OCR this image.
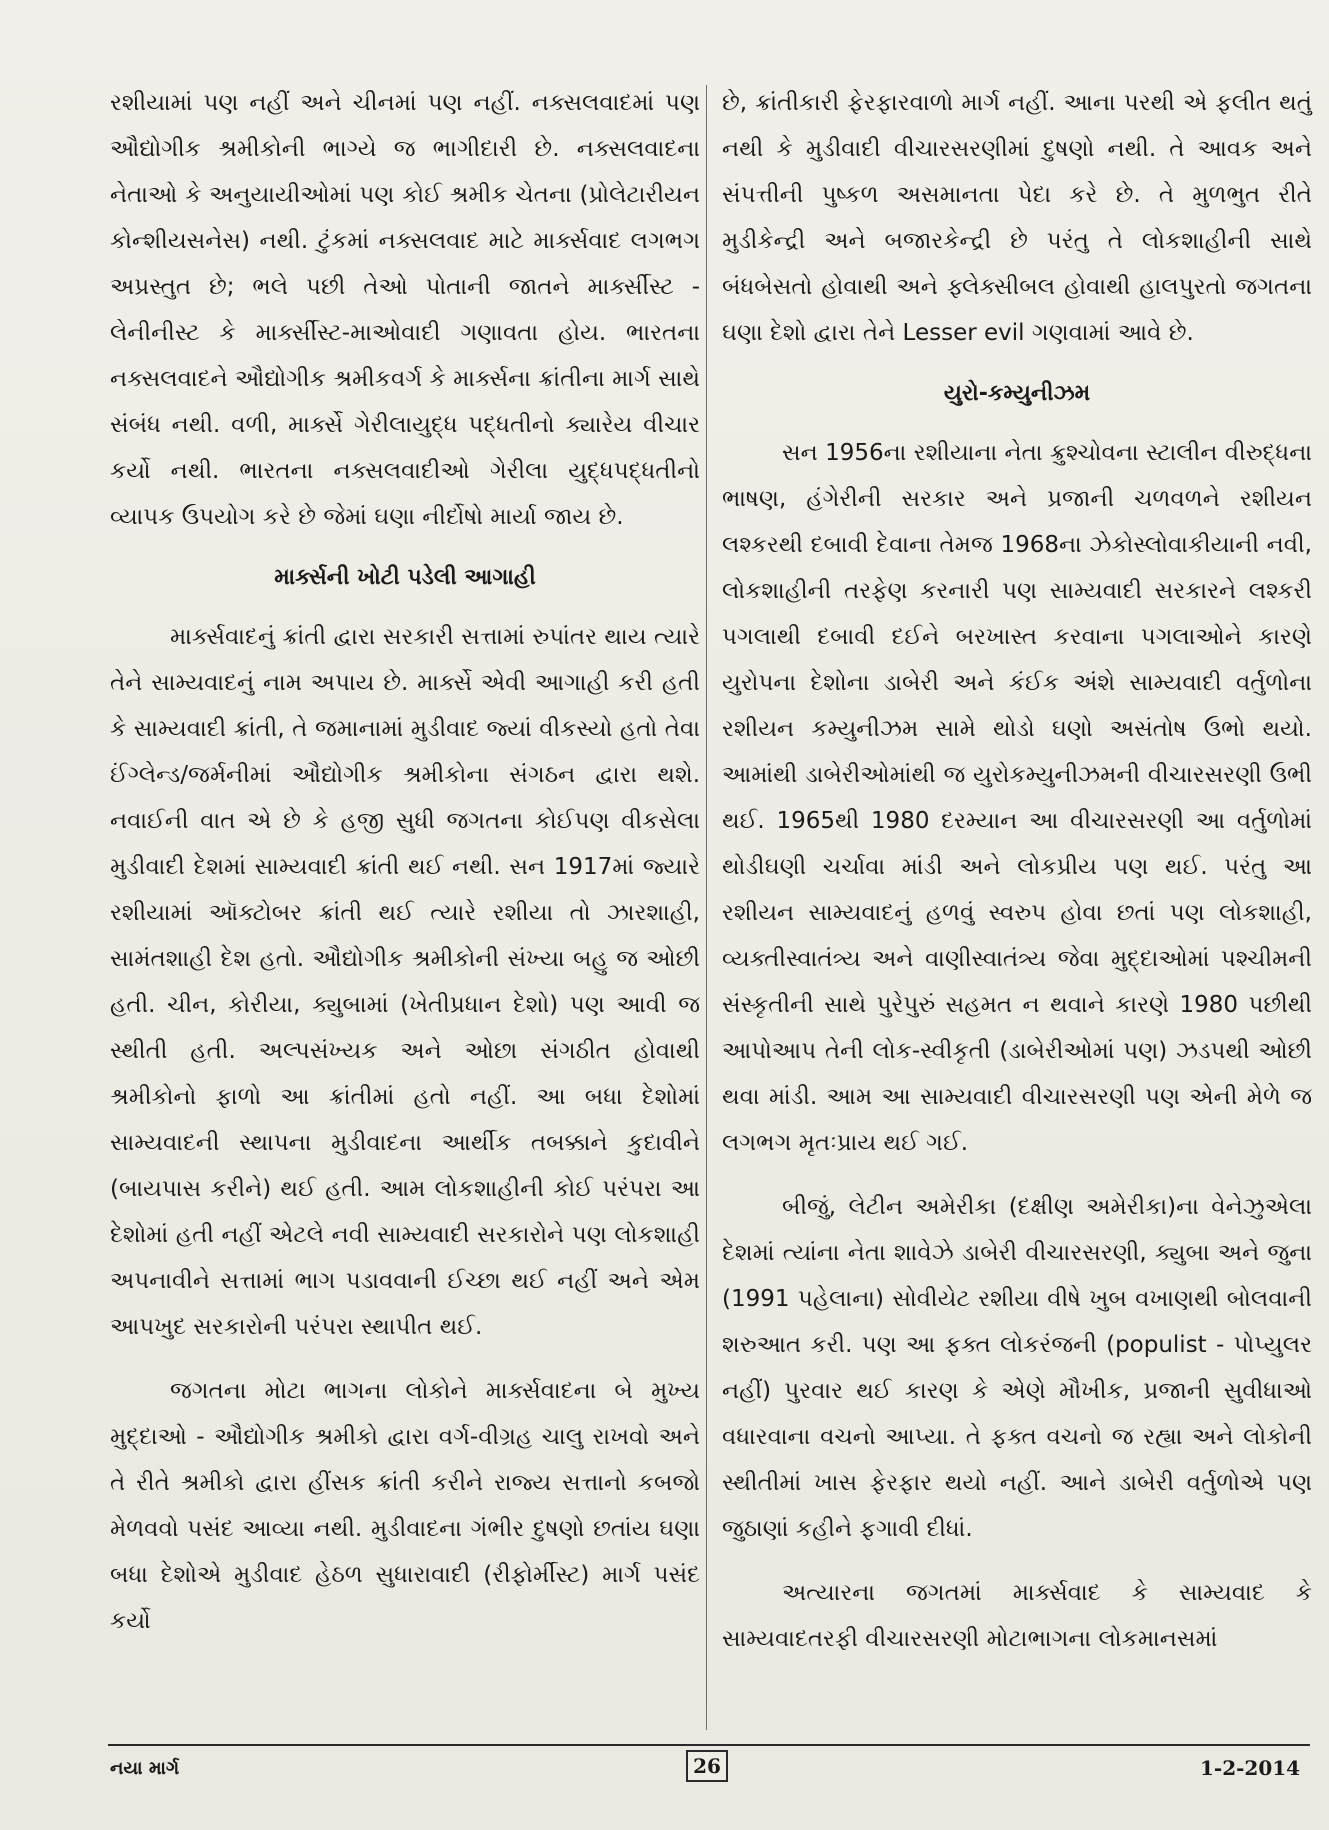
રશીયામાં પણ નહીં અને ચીનમાં પણ નહીં. નક્સલવાદમાં પણ ઔદ્યોગીક શ્રમીકોની ભાગ્યે જ ભાગીદારી છે. નક્સલવાદના નેતાઓ કે અનુયાયીઓમાં પણ કોઈ શ્રમીક ચેતના (પ્રોલેટારીયન કોન્શીયસનેસ) નથી. ટુંકમાં નક્સલવાદ માટે માર્ક્સવાદ લગભગ અપ્રસ્તુત છે; ભલે પછી તેઓ પોતાની જાતને માર્ક્સીસ્ટ - લેનીનીસ્ટ કે માર્ક્સીસ્ટ-માઓવાદી ગણાવતા હોય. ભારતના નક્સલવાદને ઔદ્યોગીક શ્રમીકવર્ગ કે માર્ક્સના ક્રાંતીના માર્ગ સાથે સંબંધ નથી. વળી, માર્ક્સે ગેરીલાયુદ્ધ પદ્ધતીનો ક્યારેય વીચાર કર્યો નથી. ભારતના નક્સલવાદીઓ ગેરીલા યુદ્ધપદ્ધતીનો વ્યાપક ઉપયોગ કરે છે જેમાં ઘણા નીર્દોષો માર્યા જાય છે.

માર્ક્સની ખોટી પડેલી આગાહી

માર્ક્સવાદનું ક્રાંતી દ્વારા સરકારી સત્તામાં રુપાંતર થાય ત્યારે તેને સામ્યવાદનું નામ અપાય છે. માર્ક્સે એવી આગાહી કરી હતી કે સામ્યવાદી ક્રાંતી, તે જમાનામાં મુડીવાદ જ્યાં વીકસ્યો હતો તેવા ઈંગ્લેન્ડ/જર્મનીમાં ઔદ્યોગીક શ્રમીકોના સંગઠન દ્વારા થશે. નવાઈની વાત એ છે કે હજી સુધી જગતના કોઈપણ વીકસેલા મુડીવાદી દેશમાં સામ્યવાદી ક્રાંતી થઈ નથી. સન 1917માં જ્યારે રશીયામાં ઑક્ટોબર ક્રાંતી થઈ ત્યારે રશીયા તો ઝારશાહી, સામંતશાહી દેશ હતો. ઔદ્યોગીક શ્રમીકોની સંખ્યા બહુ જ ઓછી હતી. ચીન, કોરીયા, ક્યુબામાં (ખેતીપ્રધાન દેશો) પણ આવી જ સ્થીતી હતી. અલ્પસંખ્યક અને ઓછા સંગઠીત હોવાથી શ્રમીકોનો ફાળો આ ક્રાંતીમાં હતો નહીં. આ બધા દેશોમાં સામ્યવાદની સ્થાપના મુડીવાદના આર્થીક તબક્કાને કુદાવીને (બાયપાસ કરીને) થઈ હતી. આમ લોકશાહીની કોઈ પરંપરા આ દેશોમાં હતી નહીં એટલે નવી સામ્યવાદી સરકારોને પણ લોકશાહી અપનાવીને સત્તામાં ભાગ પડાવવાની ઈચ્છા થઈ નહીં અને એમ આપખુદ સરકારોની પરંપરા સ્થાપીત થઈ.

જગતના મોટા ભાગના લોકોને માર્ક્સવાદના બે મુખ્ય મુદ્દાઓ - ઔદ્યોગીક શ્રમીકો દ્વારા વર્ગ-વીગ્રહ ચાલુ રાખવો અને તે રીતે શ્રમીકો દ્વારા હીંસક ક્રાંતી કરીને રાજ્ય સત્તાનો કબજો મેળવવો પસંદ આવ્યા નથી. મુડીવાદના ગંભીર દુષણો છતાંય ઘણા બધા દેશોએ મુડીવાદ હેઠળ સુધારાવાદી (રીફોર્મીસ્ટ) માર્ગ પસંદ કર્યો

છે, ક્રાંતીકારી ફેરફારવાળો માર્ગ નહીં. આના પરથી એ ફલીત થતું નથી કે મુડીવાદી વીચારસરણીમાં દુષણો નથી. તે આવક અને સંપત્તીની પુષ્કળ અસમાનતા પેદા કરે છે. તે મુળભુત રીતે મુડીકેન્દ્રી અને બજારકેન્દ્રી છે પરંતુ તે લોકશાહીની સાથે બંધબેસતો હોવાથી અને ફ્લેક્સીબલ હોવાથી હાલપુરતો જગતના ઘણા દેશો દ્વારા તેને Lesser evil ગણવામાં આવે છે.

યુરો-કમ્યુનીઝમ

સન 1956ના રશીયાના નેતા ક્રુશ્ચોવના સ્ટાલીન વીરુદ્ધના ભાષણ, હંગેરીની સરકાર અને પ્રજાની ચળવળને રશીયન લશ્કરથી દબાવી દેવાના તેમજ 1968ના ઝેકોસ્લોવાકીયાની નવી, લોકશાહીની તરફેણ કરનારી પણ સામ્યવાદી સરકારને લશ્કરી પગલાથી દબાવી દઈને બરખાસ્ત કરવાના પગલાઓને કારણે યુરોપના દેશોના ડાબેરી અને કંઈક અંશે સામ્યવાદી વર્તુળોના રશીયન કમ્યુનીઝમ સામે થોડો ઘણો અસંતોષ ઉભો થયો. આમાંથી ડાબેરીઓમાંથી જ યુરોકમ્યુનીઝમની વીચારસરણી ઉભી થઈ. 1965થી 1980 દરમ્યાન આ વીચારસરણી આ વર્તુળોમાં થોડીઘણી ચર્ચાવા માંડી અને લોકપ્રીય પણ થઈ. પરંતુ આ રશીયન સામ્યવાદનું હળવું સ્વરુપ હોવા છતાં પણ લોકશાહી, વ્યક્તીસ્વાતંત્ર્ય અને વાણીસ્વાતંત્ર્ય જેવા મુદ્દાઓમાં પશ્ચીમની સંસ્કૃતીની સાથે પુરેપુરું સહમત ન થવાને કારણે 1980 પછીથી આપોઆપ તેની લોક-સ્વીકૃતી (ડાબેરીઓમાં પણ) ઝડપથી ઓછી થવા માંડી. આમ આ સામ્યવાદી વીચારસરણી પણ એની મેળે જ લગભગ મૃતઃપ્રાય થઈ ગઈ.

બીજું, લેટીન અમેરીકા (દક્ષીણ અમેરીકા)ના વેનેઝુએલા દેશમાં ત્યાંના નેતા શાવેઝે ડાબેરી વીચારસરણી, ક્યુબા અને જુના (1991 પહેલાના) સોવીયેટ રશીયા વીષે ખુબ વખાણથી બોલવાની શરુઆત કરી. પણ આ ફક્ત લોકરંજની (populist - પોપ્યુલર નહીં) પુરવાર થઈ કારણ કે એણે મૌખીક, પ્રજાની સુવીધાઓ વધારવાના વચનો આપ્યા. તે ફક્ત વચનો જ રહ્યા અને લોકોની સ્થીતીમાં ખાસ ફેરફાર થયો નહીં. આને ડાબેરી વર્તુળોએ પણ જુઠાણાં કહીને ફગાવી દીધાં.

અત્યારના જગતમાં માર્ક્સવાદ કે સામ્યવાદ કે સામ્યવાદતરફી વીચારસરણી મોટાભાગના લોકમાનસમાં

નયા માર્ગ	26	1-2-2014
